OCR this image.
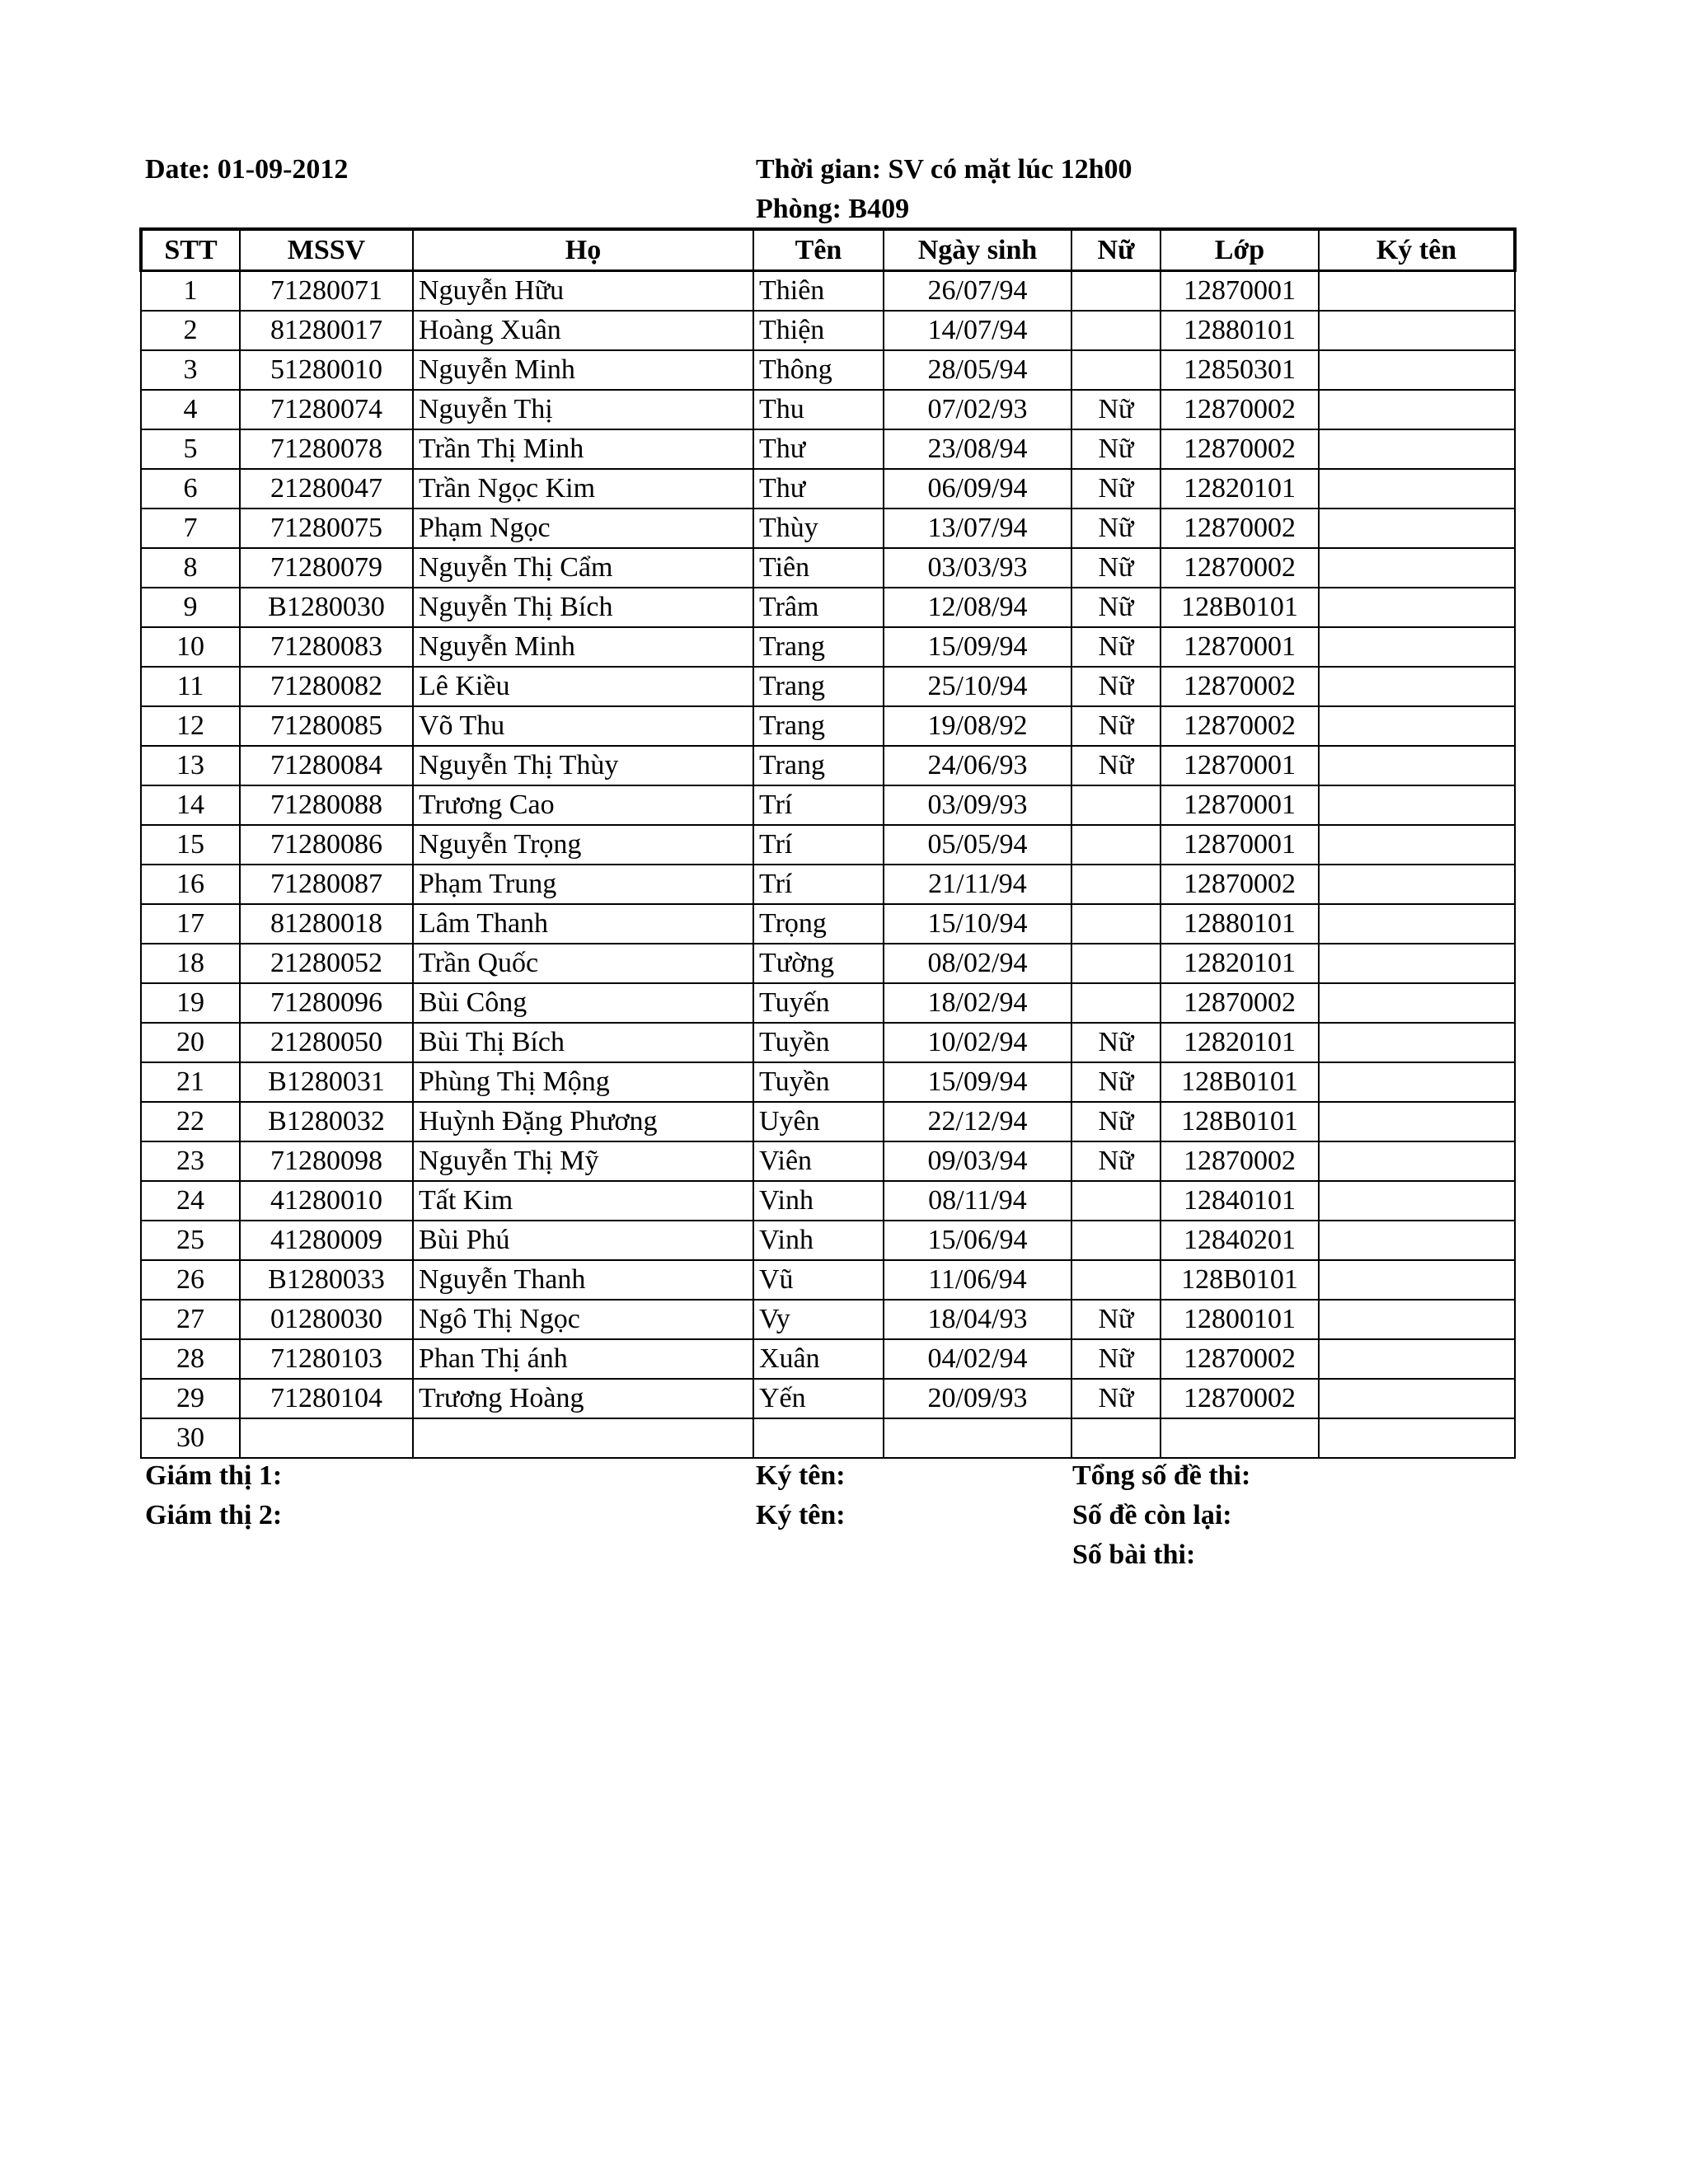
Date: 01-09-2012	Thời gian: SV có mặt lúc 12h00
Phòng: B409
STT	MSSV	Họ	Tên	Ngày sinh	Nữ	Lớp	Ký tên
1	71280071	Nguyễn Hữu	Thiên	26/07/94		12870001	
2	81280017	Hoàng Xuân	Thiện	14/07/94		12880101	
3	51280010	Nguyễn Minh	Thông	28/05/94		12850301	
4	71280074	Nguyễn Thị	Thu	07/02/93	Nữ	12870002	
5	71280078	Trần Thị Minh	Thư	23/08/94	Nữ	12870002	
6	21280047	Trần Ngọc Kim	Thư	06/09/94	Nữ	12820101	
7	71280075	Phạm Ngọc	Thùy	13/07/94	Nữ	12870002	
8	71280079	Nguyễn Thị Cẩm	Tiên	03/03/93	Nữ	12870002	
9	B1280030	Nguyễn Thị Bích	Trâm	12/08/94	Nữ	128B0101	
10	71280083	Nguyễn Minh	Trang	15/09/94	Nữ	12870001	
11	71280082	Lê Kiều	Trang	25/10/94	Nữ	12870002	
12	71280085	Võ Thu	Trang	19/08/92	Nữ	12870002	
13	71280084	Nguyễn Thị Thùy	Trang	24/06/93	Nữ	12870001	
14	71280088	Trương Cao	Trí	03/09/93		12870001	
15	71280086	Nguyễn Trọng	Trí	05/05/94		12870001	
16	71280087	Phạm Trung	Trí	21/11/94		12870002	
17	81280018	Lâm Thanh	Trọng	15/10/94		12880101	
18	21280052	Trần Quốc	Tường	08/02/94		12820101	
19	71280096	Bùi Công	Tuyến	18/02/94		12870002	
20	21280050	Bùi Thị Bích	Tuyền	10/02/94	Nữ	12820101	
21	B1280031	Phùng Thị Mộng	Tuyền	15/09/94	Nữ	128B0101	
22	B1280032	Huỳnh Đặng Phương	Uyên	22/12/94	Nữ	128B0101	
23	71280098	Nguyễn Thị Mỹ	Viên	09/03/94	Nữ	12870002	
24	41280010	Tất Kim	Vinh	08/11/94		12840101	
25	41280009	Bùi Phú	Vinh	15/06/94		12840201	
26	B1280033	Nguyễn Thanh	Vũ	11/06/94		128B0101	
27	01280030	Ngô Thị Ngọc	Vy	18/04/93	Nữ	12800101	
28	71280103	Phan Thị ánh	Xuân	04/02/94	Nữ	12870002	
29	71280104	Trương Hoàng	Yến	20/09/93	Nữ	12870002	
30							
Giám thị 1:
Giám thị 2:
Ký tên:
Ký tên:
Tổng số đề thi:
Số đề còn lại:
Số bài thi:
